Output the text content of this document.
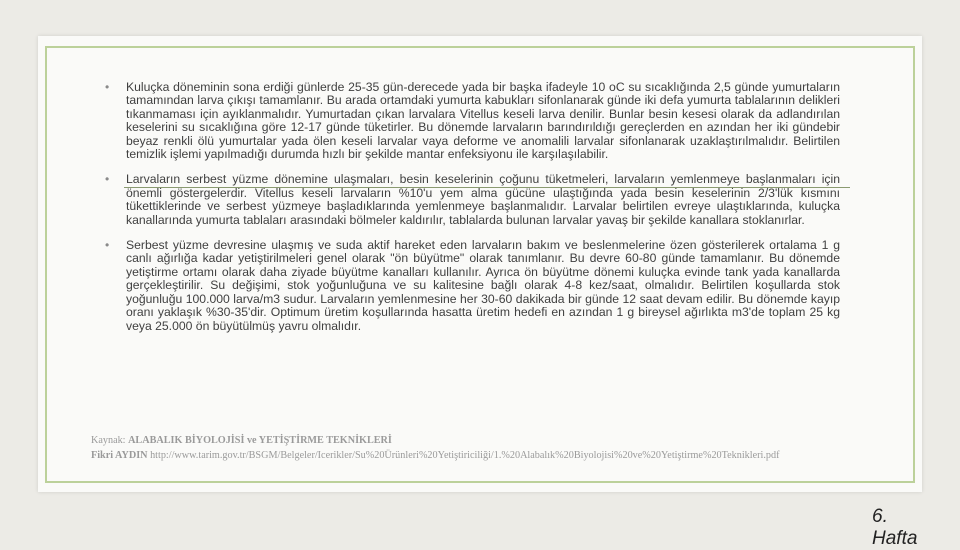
• Kuluçka döneminin sona erdiği günlerde 25-35 gün-derecede yada bir başka ifadeyle 10 oC su sıcaklığında 2,5 günde yumurtaların tamamından larva çıkışı tamamlanır. Bu arada ortamdaki yumurta kabukları sifonlanarak günde iki defa yumurta tablalarının delikleri tıkanmaması için ayıklanmalıdır. Yumurtadan çıkan larvalara Vitellus keseli larva denilir. Bunlar besin kesesi olarak da adlandırılan keselerini su sıcaklığına göre 12-17 günde tüketirler. Bu dönemde larvaların barındırıldığı gereçlerden en azından her iki gündebir beyaz renkli ölü yumurtalar yada ölen keseli larvalar vaya deforme ve anomalili larvalar sifonlanarak uzaklaştırılmalıdır. Belirtilen temizlik işlemi yapılmadığı durumda hızlı bir şekilde mantar enfeksiyonu ile karşılaşılabilir.
• Larvaların serbest yüzme dönemine ulaşmaları, besin keselerinin çoğunu tüketmeleri, larvaların yemlenmeye başlanmaları için önemli göstergelerdir. Vitellus keseli larvaların %10'u yem alma gücüne ulaştığında yada besin keselerinin 2/3'lük kısmını tükettiklerinde ve serbest yüzmeye başladıklarında yemlenmeye başlanmalıdır. Larvalar belirtilen evreye ulaştıklarında, kuluçka kanallarında yumurta tablaları arasındaki bölmeler kaldırılır, tablalarda bulunan larvalar yavaş bir şekilde kanallara stoklanırlar.
• Serbest yüzme devresine ulaşmış ve suda aktif hareket eden larvaların bakım ve beslenmelerine özen gösterilerek ortalama 1 g canlı ağırlığa kadar yetiştirilmeleri genel olarak "ön büyütme" olarak tanımlanır. Bu devre 60-80 günde tamamlanır. Bu dönemde yetiştirme ortamı olarak daha ziyade büyütme kanalları kullanılır. Ayrıca ön büyütme dönemi kuluçka evinde tank yada kanallarda gerçekleştirilir. Su değişimi, stok yoğunluğuna ve su kalitesine bağlı olarak 4-8 kez/saat, olmalıdır. Belirtilen koşullarda stok yoğunluğu 100.000 larva/m3 sudur. Larvaların yemlenmesine her 30-60 dakikada bir günde 12 saat devam edilir. Bu dönemde kayıp oranı yaklaşık %30-35'dir. Optimum üretim koşullarında hasatta üretim hedefi en azından 1 g bireysel ağırlıkta m3'de toplam 25 kg veya 25.000 ön büyütülmüş yavru olmalıdır.
Kaynak: ALABALIK BİYOLOJİSİ ve YETİŞTİRME TEKNİKLERİ
Fikri AYDIN http://www.tarim.gov.tr/BSGM/Belgeler/Icerikler/Su%20Ürünleri%20Yetiştiriciliği/1.%20Alabalık%20Biyolojisi%20ve%20Yetiştirme%20Teknikleri.pdf
6.
Hafta
